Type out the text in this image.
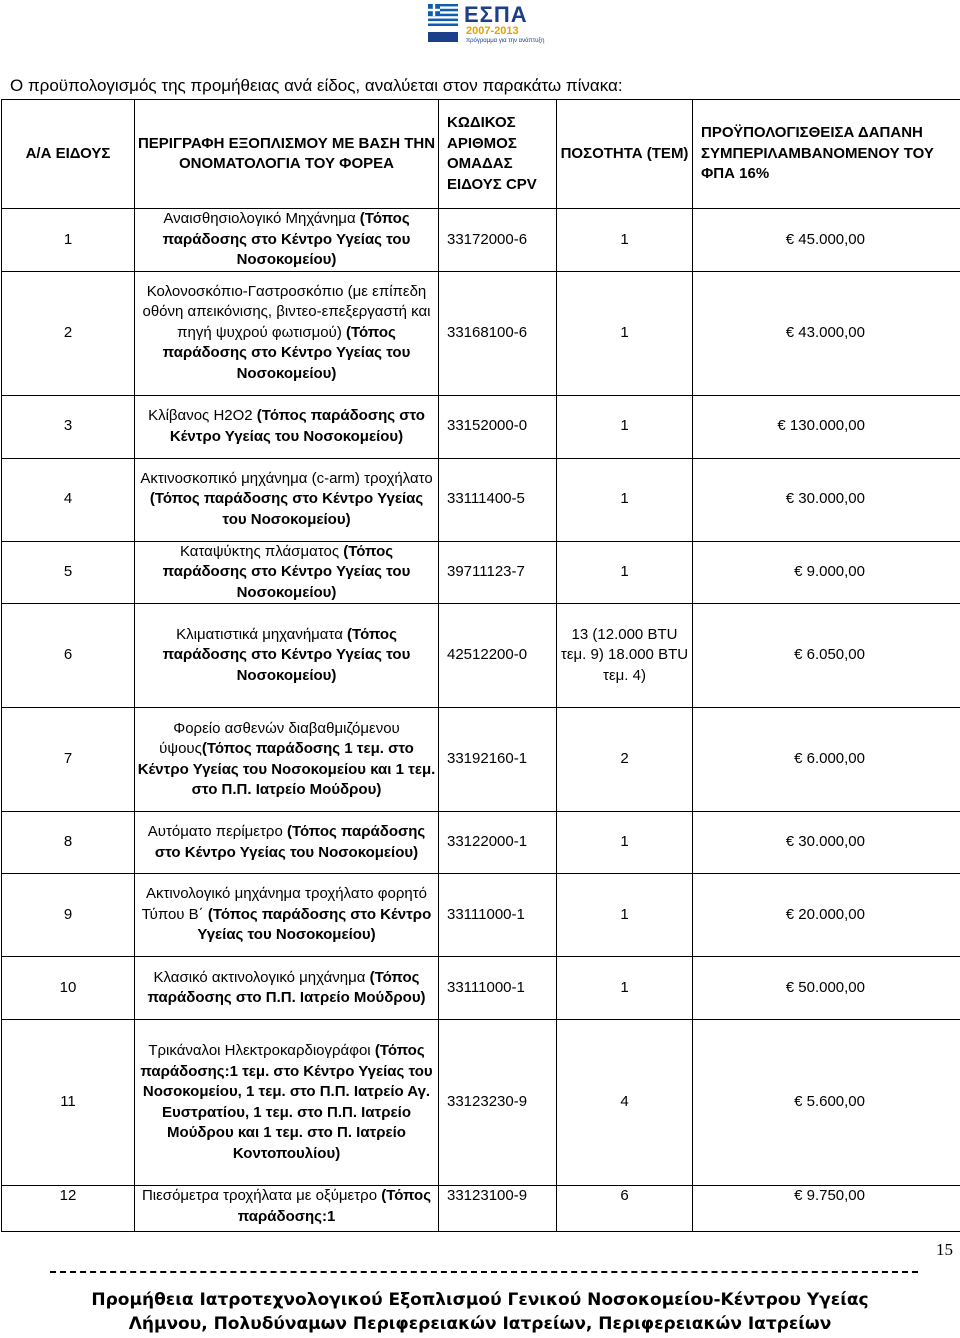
ΕΣΠΑ
2007-2013
πρόγραμμα για την ανάπτυξη
Ο προϋπολογισμός της προμήθειας ανά είδος, αναλύεται στον παρακάτω πίνακα:
Α/Α ΕΙΔΟΥΣ	ΠΕΡΙΓΡΑΦΗ ΕΞΟΠΛΙΣΜΟΥ ΜΕ ΒΑΣΗ ΤΗΝ ΟΝΟΜΑΤΟΛΟΓΙΑ ΤΟΥ ΦΟΡΕΑ	ΚΩΔΙΚΟΣ ΑΡΙΘΜΟΣ ΟΜΑΔΑΣ ΕΙΔΟΥΣ CPV	ΠΟΣΟΤΗΤΑ (ΤΕΜ)	ΠΡΟΫΠΟΛΟΓΙΣΘΕΙΣΑ ΔΑΠΑΝΗ ΣΥΜΠΕΡΙΛΑΜΒΑΝΟΜΕΝΟΥ ΤΟΥ ΦΠΑ 16%
1	Αναισθησιολογικό Μηχάνημα (Τόπος παράδοσης στο Κέντρο Υγείας του Νοσοκομείου)	33172000-6	1	€ 45.000,00
2	Κολονοσκόπιο-Γαστροσκόπιο (με επίπεδη οθόνη απεικόνισης, βιντεο-επεξεργαστή και πηγή ψυχρού φωτισμού) (Τόπος παράδοσης στο Κέντρο Υγείας του Νοσοκομείου)	33168100-6	1	€ 43.000,00
3	Κλίβανος Η2Ο2 (Τόπος παράδοσης στο Κέντρο Υγείας του Νοσοκομείου)	33152000-0	1	€ 130.000,00
4	Ακτινοσκοπικό μηχάνημα (c-arm) τροχήλατο (Τόπος παράδοσης στο Κέντρο Υγείας του Νοσοκομείου)	33111400-5	1	€ 30.000,00
5	Καταψύκτης πλάσματος (Τόπος παράδοσης στο Κέντρο Υγείας του Νοσοκομείου)	39711123-7	1	€ 9.000,00
6	Κλιματιστικά μηχανήματα (Τόπος παράδοσης στο Κέντρο Υγείας του Νοσοκομείου)	42512200-0	13 (12.000 BTU τεμ. 9) 18.000 BTU τεμ. 4)	€ 6.050,00
7	Φορείο ασθενών διαβαθμιζόμενου ύψους(Τόπος παράδοσης 1 τεμ. στο Κέντρο Υγείας του Νοσοκομείου και 1 τεμ. στο Π.Π. Ιατρείο Μούδρου)	33192160-1	2	€ 6.000,00
8	Αυτόματο περίμετρο (Τόπος παράδοσης στο Κέντρο Υγείας του Νοσοκομείου)	33122000-1	1	€ 30.000,00
9	Ακτινολογικό μηχάνημα τροχήλατο φορητό Τύπου Β΄ (Τόπος παράδοσης στο Κέντρο Υγείας του Νοσοκομείου)	33111000-1	1	€ 20.000,00
10	Κλασικό ακτινολογικό μηχάνημα (Τόπος παράδοσης στο Π.Π. Ιατρείο Μούδρου)	33111000-1	1	€ 50.000,00
11	Τρικάναλοι Ηλεκτροκαρδιογράφοι (Τόπος παράδοσης:1 τεμ. στο Κέντρο Υγείας του Νοσοκομείου, 1 τεμ. στο Π.Π. Ιατρείο Αγ. Ευστρατίου, 1 τεμ. στο Π.Π. Ιατρείο Μούδρου και 1 τεμ. στο Π. Ιατρείο Κοντοπουλίου)	33123230-9	4	€ 5.600,00
12	Πιεσόμετρα τροχήλατα με οξύμετρο (Τόπος παράδοσης:1	33123100-9	6	€ 9.750,00
15
Προμήθεια Ιατροτεχνολογικού Εξοπλισμού Γενικού Νοσοκομείου-Κέντρου Υγείας
Λήμνου, Πολυδύναμων Περιφερειακών Ιατρείων, Περιφερειακών Ιατρείων
